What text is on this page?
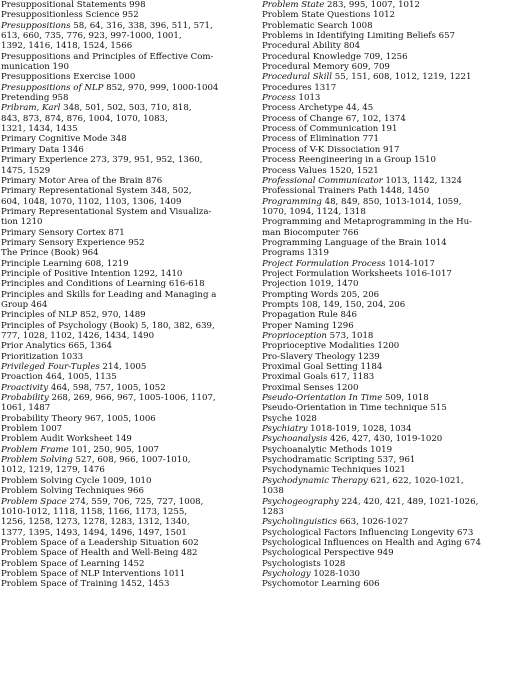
Presuppositional Statements 998
Presuppositionless Science 952
Presuppositions 58, 64, 316, 338, 396, 511, 571,
613, 660, 735, 776, 923, 997-1000, 1001,
1392, 1416, 1418, 1524, 1566
Presuppositions and Principles of Effective Com-
munication 190
Presuppositions Exercise 1000
Presuppositions of NLP 852, 970, 999, 1000-1004
Pretending 958
Pribram, Karl 348, 501, 502, 503, 710, 818,
843, 873, 874, 876, 1004, 1070, 1083,
1321, 1434, 1435
Primary Cognitive Mode 348
Primary Data 1346
Primary Experience 273, 379, 951, 952, 1360,
1475, 1529
Primary Motor Area of the Brain 876
Primary Representational System 348, 502,
604, 1048, 1070, 1102, 1103, 1306, 1409
Primary Representational System and Visualiza-
tion 1210
Primary Sensory Cortex 871
Primary Sensory Experience 952
The Prince (Book) 964
Principle Learning 608, 1219
Principle of Positive Intention 1292, 1410
Principles and Conditions of Learning 616-618
Principles and Skills for Leading and Managing a
Group 464
Principles of NLP 852, 970, 1489
Principles of Psychology (Book) 5, 180, 382, 639,
777, 1028, 1102, 1426, 1434, 1490
Prior Analytics 665, 1364
Prioritization 1033
Privileged Four-Tuples 214, 1005
Proaction 464, 1005, 1135
Proactivity 464, 598, 757, 1005, 1052
Probability 268, 269, 966, 967, 1005-1006, 1107,
1061, 1487
Probability Theory 967, 1005, 1006
Problem 1007
Problem Audit Worksheet 149
Problem Frame 101, 250, 905, 1007
Problem Solving 527, 608, 966, 1007-1010,
1012, 1219, 1279, 1476
Problem Solving Cycle 1009, 1010
Problem Solving Techniques 966
Problem Space 274, 559, 706, 725, 727, 1008,
1010-1012, 1118, 1158, 1166, 1173, 1255,
1256, 1258, 1273, 1278, 1283, 1312, 1340,
1377, 1395, 1493, 1494, 1496, 1497, 1501
Problem Space of a Leadership Situation 602
Problem Space of Health and Well-Being 482
Problem Space of Learning 1452
Problem Space of NLP Interventions 1011
Problem Space of Training 1452, 1453
Problem State 283, 995, 1007, 1012
Problem State Questions 1012
Problematic Search 1008
Problems in Identifying Limiting Beliefs 657
Procedural Ability 804
Procedural Knowledge 709, 1256
Procedural Memory 609, 709
Procedural Skill 55, 151, 608, 1012, 1219, 1221
Procedures 1317
Process 1013
Process Archetype 44, 45
Process of Change 67, 102, 1374
Process of Communication 191
Process of Elimination 771
Process of V-K Dissociation 917
Process Reengineering in a Group 1510
Process Values 1520, 1521
Professional Communicator 1013, 1142, 1324
Professional Trainers Path 1448, 1450
Programming 48, 849, 850, 1013-1014, 1059,
1070, 1094, 1124, 1318
Programming and Metaprogramming in the Hu-
man Biocomputer 766
Programming Language of the Brain 1014
Programs 1319
Project Formulation Process 1014-1017
Project Formulation Worksheets 1016-1017
Projection 1019, 1470
Prompting Words 205, 206
Prompts 108, 149, 150, 204, 206
Propagation Rule 846
Proper Naming 1296
Proprioception 573, 1018
Proprioceptive Modalities 1200
Pro-Slavery Theology 1239
Proximal Goal Setting 1184
Proximal Goals 617, 1183
Proximal Senses 1200
Pseudo-Orientation In Time 509, 1018
Pseudo-Orientation in Time technique 515
Psyche 1028
Psychiatry 1018-1019, 1028, 1034
Psychoanalysis 426, 427, 430, 1019-1020
Psychoanalytic Methods 1019
Psychodramatic Scripting 537, 961
Psychodynamic Techniques 1021
Psychodynamic Therapy 621, 622, 1020-1021,
1038
Psychogeography 224, 420, 421, 489, 1021-1026,
1283
Psycholinguistics 663, 1026-1027
Psychological Factors Influencing Longevity 673
Psychological Influences on Health and Aging 674
Psychological Perspective 949
Psychologists 1028
Psychology 1028-1030
Psychomotor Learning 606
